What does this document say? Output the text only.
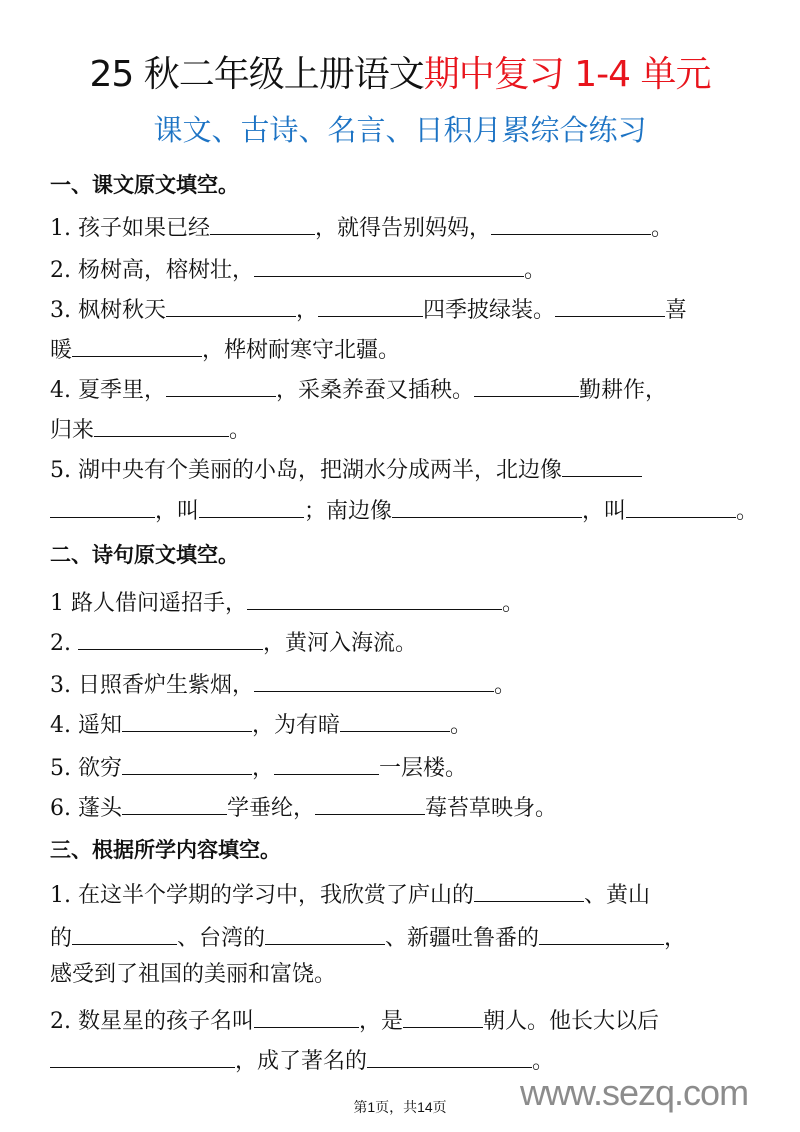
25 秋二年级上册语文期中复习 1-4 单元
课文、古诗、名言、日积月累综合练习
一、课文原文填空。
1. 孩子如果已经	，就得告别妈妈，	。
2. 杨树高，榕树壮，	。
3. 枫树秋天	，	四季披绿装。	喜
暖	，桦树耐寒守北疆。
4. 夏季里，	，采桑养蚕又插秧。	勤耕作，
归来	。
5. 湖中央有个美丽的小岛，把湖水分成两半，北边像
，叫	；南边像	，叫	。
二、诗句原文填空。
1 路人借问遥招手，	。
2.	，黄河入海流。
3. 日照香炉生紫烟，	。
4. 遥知	，为有暗	。
5. 欲穷	，	一层楼。
6. 蓬头	学垂纶，	莓苔草映身。
三、根据所学内容填空。
1. 在这半个学期的学习中，我欣赏了庐山的	、黄山
的	、台湾的	、新疆吐鲁番的	，
感受到了祖国的美丽和富饶。
2. 数星星的孩子名叫	，是	朝人。他长大以后
，成了著名的	。
www.sezq.com
第1页，共14页
